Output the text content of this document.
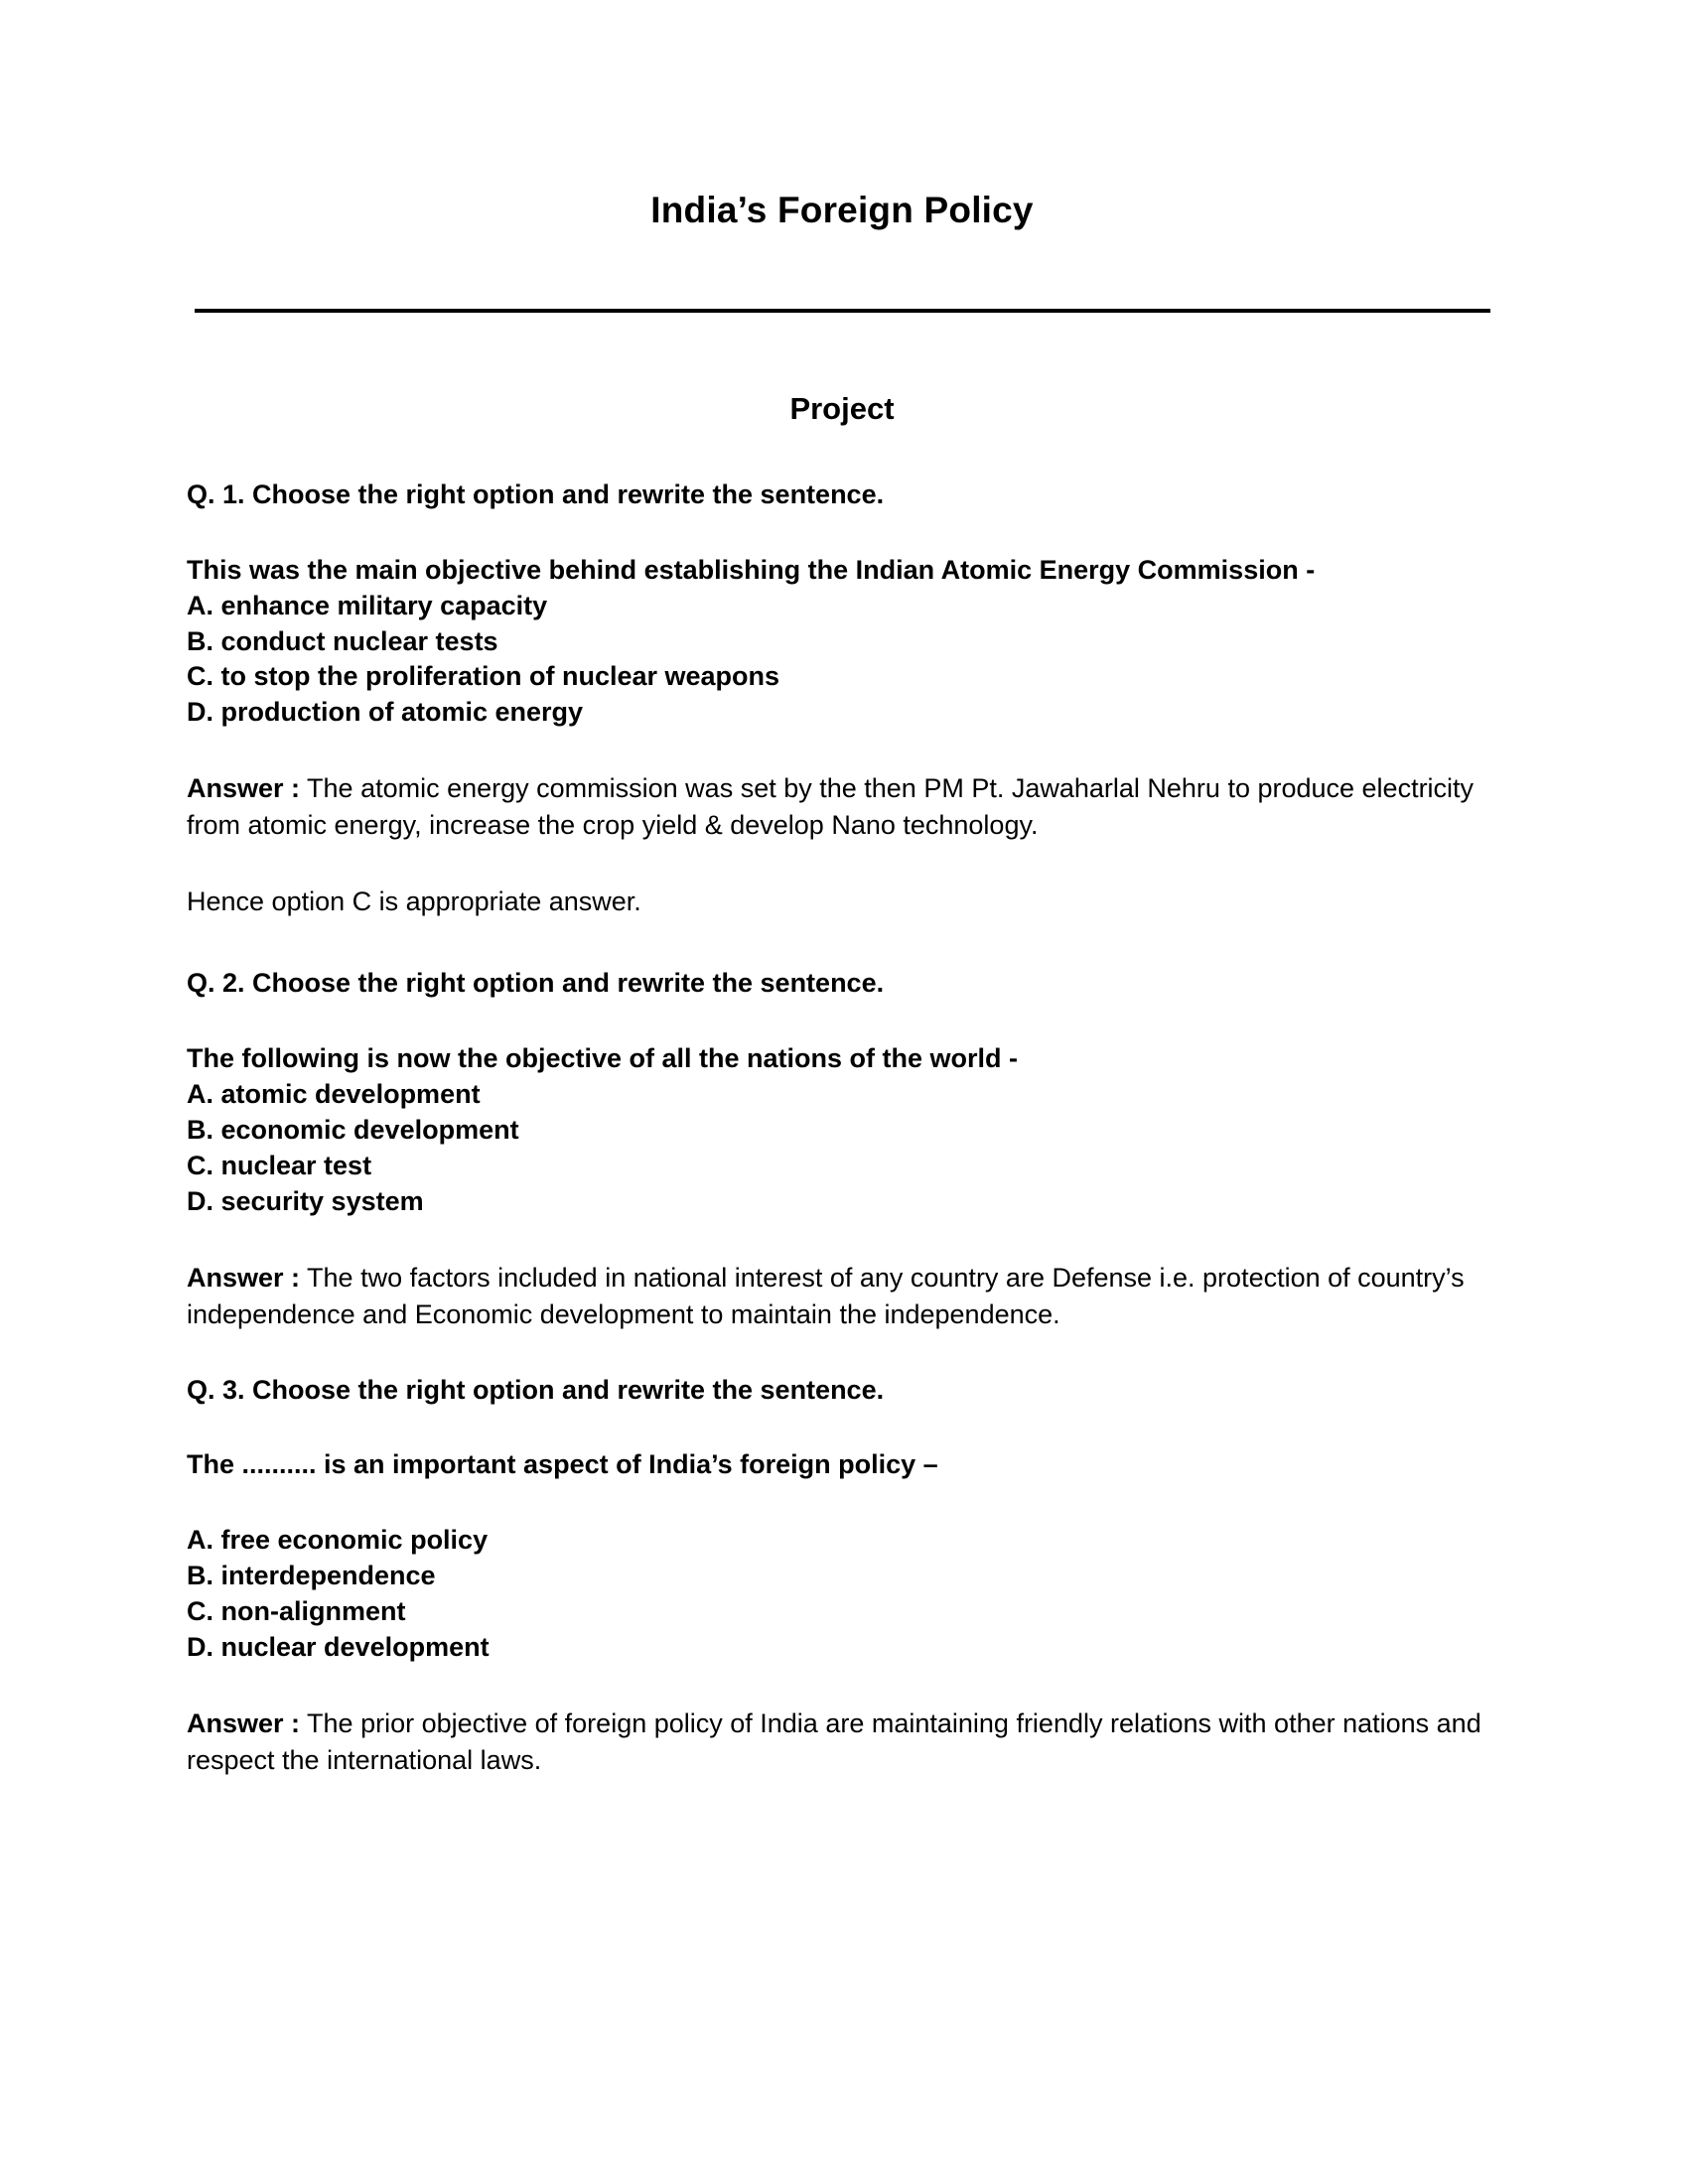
India’s Foreign Policy
Project

Q. 1. Choose the right option and rewrite the sentence.

This was the main objective behind establishing the Indian Atomic Energy Commission -

A. enhance military capacity
B. conduct nuclear tests
C. to stop the proliferation of nuclear weapons
D. production of atomic energy

Answer : The atomic energy commission was set by the then PM Pt. Jawaharlal Nehru to produce electricity from atomic energy, increase the crop yield & develop Nano technology.

Hence option C is appropriate answer.

Q. 2. Choose the right option and rewrite the sentence.

The following is now the objective of all the nations of the world -

A. atomic development
B. economic development
C. nuclear test
D. security system

Answer : The two factors included in national interest of any country are Defense i.e. protection of country’s independence and Economic development to maintain the independence.

Q. 3. Choose the right option and rewrite the sentence.

The .......... is an important aspect of India’s foreign policy –

A. free economic policy
B. interdependence
C. non-alignment
D. nuclear development

Answer : The prior objective of foreign policy of India are maintaining friendly relations with other nations and respect the international laws.
